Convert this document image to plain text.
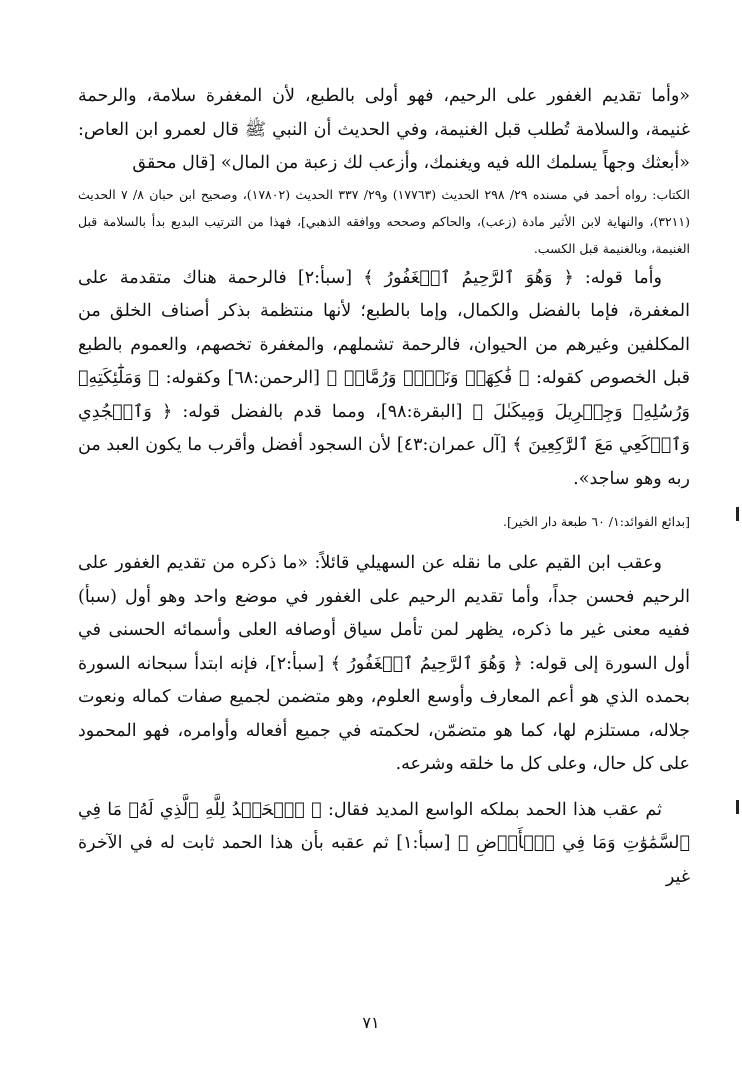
«وأما تقديم الغفور على الرحيم، فهو أولى بالطبع، لأن المغفرة سلامة، والرحمة غنيمة، والسلامة تُطلب قبل الغنيمة، وفي الحديث أن النبي ﷺ قال لعمرو ابن العاص: «أبعثك وجهاً يسلمك الله فيه ويغنمك، وأزعب لك زعبة من المال» [قال محقق

الكتاب: رواه أحمد في مسنده ٢٩/ ٢٩٨ الحديث (١٧٧٦٣) و٢٩/ ٣٣٧ الحديث (١٧٨٠٢)، وصحيح ابن حبان ٨/ ٧ الحديث (٣٢١١)، والنهاية لابن الأثير مادة (زعب)، والحاكم وصححه ووافقه الذهبي]، فهذا من الترتيب البديع بدأ بالسلامة قبل الغنيمة، وبالغنيمة قبل الكسب.

وأما قوله: ﴿ وَهُوَ ٱلرَّحِيمُ ٱلۡغَفُورُ ﴾ [سبأ:٢] فالرحمة هناك متقدمة على المغفرة، فإما بالفضل والكمال، وإما بالطبع؛ لأنها منتظمة بذكر أصناف الخلق من المكلفين وغيرهم من الحيوان، فالرحمة تشملهم، والمغفرة تخصهم، والعموم بالطبع قبل الخصوص كقوله: ﴿ فَٰكِهَةٞ وَنَخۡلٞ وَرُمَّانٞ ﴾ [الرحمن:٦٨] وكقوله: ﴿ وَمَلَٰٓئِكَتِهِۦ وَرُسُلِهِۦ وَجِبۡرِيلَ وَمِيكَىٰلَ ﴾ [البقرة:٩٨]، ومما قدم بالفضل قوله: ﴿ وَٱسۡجُدِي وَٱرۡكَعِي مَعَ ٱلرَّٰكِعِينَ ﴾ [آل عمران:٤٣] لأن السجود أفضل وأقرب ما يكون العبد من ربه وهو ساجد».

[بدائع الفوائد:١/ ٦٠ طبعة دار الخير].

وعقب ابن القيم على ما نقله عن السهيلي قائلاً: «ما ذكره من تقديم الغفور على الرحيم فحسن جداً، وأما تقديم الرحيم على الغفور في موضع واحد وهو أول (سبأ) ففيه معنى غير ما ذكره، يظهر لمن تأمل سياق أوصافه العلى وأسمائه الحسنى في أول السورة إلى قوله: ﴿ وَهُوَ ٱلرَّحِيمُ ٱلۡغَفُورُ ﴾ [سبأ:٢]، فإنه ابتدأ سبحانه السورة بحمده الذي هو أعم المعارف وأوسع العلوم، وهو متضمن لجميع صفات كماله ونعوت جلاله، مستلزم لها، كما هو متضمّن، لحكمته في جميع أفعاله وأوامره، فهو المحمود على كل حال، وعلى كل ما خلقه وشرعه.

ثم عقب هذا الحمد بملكه الواسع المديد فقال: ﴿ ٱلۡحَمۡدُ لِلَّهِ ٱلَّذِي لَهُۥ مَا فِي ٱلسَّمَٰوَٰتِ وَمَا فِي ٱلۡأَرۡضِ ﴾ [سبأ:١] ثم عقبه بأن هذا الحمد ثابت له في الآخرة غير

٧١
